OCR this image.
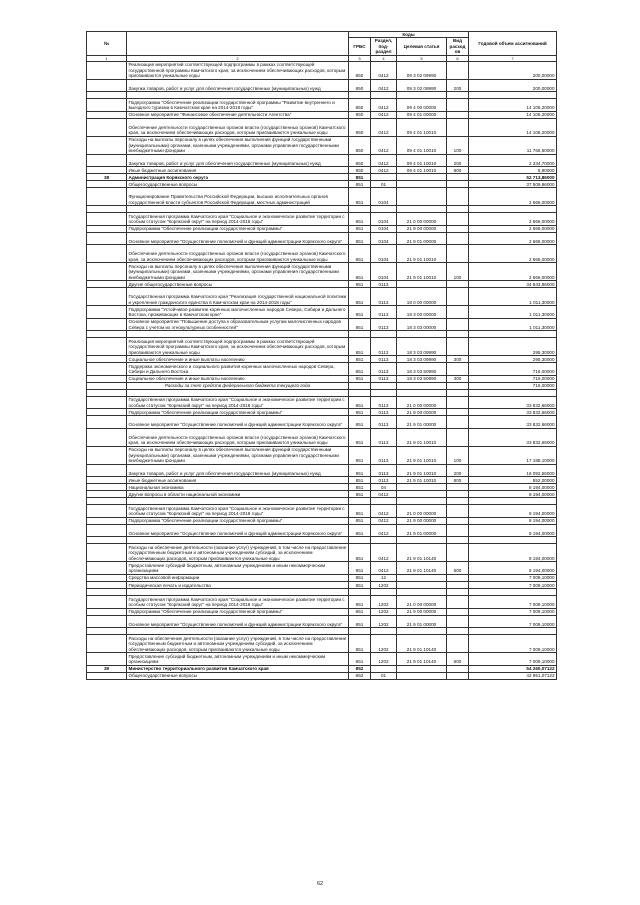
№		Коды				Годовой объем ассигнований
		ГРБС	Раздел, под-раздел	Целевая статья	Вид расходов	
1	2	3	4	5	6	7
	Реализация мероприятий соответствующей подпрограммы в рамках соответствующей государственной программы Камчатского края, за исключением обеспечивающих расходов, которым присваиваются уникальные коды	850	0412	09 3 02 09990		200,00000
	Закупка товаров, работ и услуг для обеспечения государственных (муниципальных) нужд	850	0412	09 3 02 09990	200	200,00000

	Подпрограмма "Обеспечение реализации государственной программы "Развитие внутреннего и выездного туризма в Камчатском крае на 2014-2018 годы"	850	0412	09 4 00 00000		14 106,20000
	Основное мероприятие "Финансовое обеспечение деятельности Агентства"	850	0412	09 4 01 00000		14 106,20000
	Обеспечение деятельности государственных органов власти (государственных органов) Камчатского края, за исключением обеспечивающих расходов, которым присваиваются уникальные коды	850	0412	09 4 01 10010		14 106,20000
	Расходы на выплаты персоналу в целях обеспечения выполнения функций государственными (муниципальными) органами, казенными учреждениями, органами управления государственными внебюджетными фондами	850	0412	09 4 01 10010	100	11 765,60000
	Закупка товаров, работ и услуг для обеспечения государственных (муниципальных) нужд	850	0412	09 4 01 10010	200	2 334,70000
	Иные бюджетные ассигнования	850	0412	09 4 01 10010	800	5,90000
38	Администрация Корякского округа	851				52 713,86000
	Общегосударственные вопросы	851	01			37 509,96000
	Функционирование Правительства Российской Федерации, высших исполнительных органов государственной власти субъектов Российской Федерации, местных администраций	851	0104			2 666,00000

	Государственная программа Камчатского края "Социальное и экономическое развитие территории с особым статусом "Корякский округ" на период 2014-2018 годы"	851	0104	21 0 00 00000		2 666,00000
	Подпрограмма "Обеспечение реализации государственной программы"	851	0104	21 9 00 00000		2 666,00000
	Основное мероприятие "Осуществление полномочий и функций администрации Корякского округа"	851	0104	21 9 01 00000		2 666,00000
	Обеспечение деятельности государственных органов власти (государственных органов) Камчатского края, за исключением обеспечивающих расходов, которым присваиваются уникальные коды	851	0104	21 9 01 10010		2 666,00000
	Расходы на выплаты персоналу в целях обеспечения выполнения функций государственными (муниципальными) органами, казенными учреждениями, органами управления государственными внебюджетными фондами	851	0104	21 9 01 10010	100	2 666,00000
	Другие общегосударственные вопросы	851	0113			34 843,96000
	Государственная программа Камчатского края "Реализация государственной национальной политики и укрепление гражданского единства в Камчатском крае на 2014-2018 годы"	851	0113	18 0 00 00000		1 011,30000
	Подпрограмма "Устойчивое развитие коренных малочисленных народов Севера, Сибири и Дальнего Востока, проживающих в Камчатском крае"	851	0113	18 3 00 00000		1 011,30000
	Основное мероприятие "Повышение доступа к образовательным услугам малочисленных народов Севера с учетом их этнокультурных особенностей"	851	0113	18 3 03 00000		1 011,30000

	Реализация мероприятий соответствующей подпрограммы в рамках соответствующей государственной программы Камчатского края, за исключением обеспечивающих расходов, которым присваиваются уникальные коды	851	0113	18 3 03 09990		295,30000
	Социальное обеспечение и иные выплаты населению	851	0113	18 3 03 09990	300	295,30000
	Поддержка экономического и социального развития коренных малочисленных народов Севера, Сибири и Дальнего Востока	851	0113	18 3 03 50990		716,00000
	Социальное обеспечение и иные выплаты населению	851	0113	18 3 03 50990	300	716,00000
	Расходы за счет средств федерального бюджета текущего года					716,00000

	Государственная программа Камчатского края "Социальное и экономическое развитие территории с особым статусом "Корякский округ" на период 2014-2018 годы"	851	0113	21 0 00 00000		33 832,66000
	Подпрограмма "Обеспечение реализации государственной программы"	851	0113	21 9 00 00000		33 832,66000
	Основное мероприятие "Осуществление полномочий и функций администрации Корякского округа"	851	0113	21 9 01 00000		33 832,66000
	Обеспечение деятельности государственных органов власти (государственных органов) Камчатского края, за исключением обеспечивающих расходов, которым присваиваются уникальные коды	851	0113	21 9 01 10010		33 832,66000
	Расходы на выплаты персоналу в целях обеспечения выполнения функций государственными (муниципальными) органами, казенными учреждениями, органами управления государственными внебюджетными фондами	851	0113	21 9 01 10010	100	17 188,10000
	Закупка товаров, работ и услуг для обеспечения государственных (муниципальных) нужд	851	0113	21 9 01 10010	200	16 092,56000
	Иные бюджетные ассигнования	851	0113	21 9 01 10010	800	552,00000
	Национальная экономика	851	04			8 194,00000
	Другие вопросы в области национальной экономики	851	0412			8 194,00000

	Государственная программа Камчатского края "Социальное и экономическое развитие территории с особым статусом "Корякский округ" на период 2014-2018 годы"	851	0412	21 0 00 00000		8 194,00000
	Подпрограмма "Обеспечение реализации государственной программы"	851	0412	21 9 00 00000		8 194,00000
	Основное мероприятие "Осуществление полномочий и функций администрации Корякского округа"	851	0412	21 9 01 00000		8 194,00000

	Расходы на обеспечение деятельности (оказание услуг) учреждений, в том числе на предоставление государственным бюджетным и автономным учреждениям субсидий, за исключением обеспечивающих расходов, которым присваиваются уникальные коды	851	0412	21 9 01 10140		8 194,00000
	Предоставление субсидий бюджетным, автономным учреждениям и иным некоммерческим организациям	851	0412	21 9 01 10140	600	8 194,00000
	Средства массовой информации	851	12			7 009,10000
	Периодическая печать и издательства	851	1202			7 009,10000

	Государственная программа Камчатского края "Социальное и экономическое развитие территории с особым статусом "Корякский округ" на период 2014-2018 годы"	851	1202	21 0 00 00000		7 009,10000
	Подпрограмма "Обеспечение реализации государственной программы"	851	1202	21 9 00 00000		7 009,10000
	Основное мероприятие "Осуществление полномочий и функций администрации Корякского округа"	851	1202	21 9 01 00000		7 009,10000

	Расходы на обеспечение деятельности (оказание услуг) учреждений, в том числе на предоставление государственным бюджетным и автономным учреждениям субсидий, за исключением обеспечивающих расходов, которым присваиваются уникальные коды	851	1202	21 9 01 10140		7 009,10000
	Предоставление субсидий бюджетным, автономным учреждениям и иным некоммерческим организациям	851	1202	21 9 01 10140	600	7 009,10000
39	Министерство территориального развития Камчатского края	852				54 260,07122
	Общегосударственные вопросы	852	01			42 951,07122
62
